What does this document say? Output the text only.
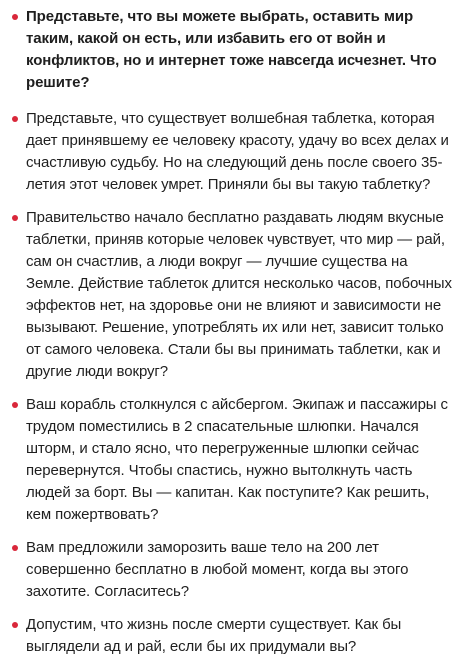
Представьте, что вы можете выбрать, оставить мир таким, какой он есть, или избавить его от войн и конфликтов, но и интернет тоже навсегда исчезнет. Что решите?
Представьте, что существует волшебная таблетка, которая дает принявшему ее человеку красоту, удачу во всех делах и счастливую судьбу. Но на следующий день после своего 35-летия этот человек умрет. Приняли бы вы такую таблетку?
Правительство начало бесплатно раздавать людям вкусные таблетки, приняв которые человек чувствует, что мир — рай, сам он счастлив, а люди вокруг — лучшие существа на Земле. Действие таблеток длится несколько часов, побочных эффектов нет, на здоровье они не влияют и зависимости не вызывают. Решение, употреблять их или нет, зависит только от самого человека. Стали бы вы принимать таблетки, как и другие люди вокруг?
Ваш корабль столкнулся с айсбергом. Экипаж и пассажиры с трудом поместились в 2 спасательные шлюпки. Начался шторм, и стало ясно, что перегруженные шлюпки сейчас перевернутся. Чтобы спастись, нужно вытолкнуть часть людей за борт. Вы — капитан. Как поступите? Как решить, кем пожертвовать?
Вам предложили заморозить ваше тело на 200 лет совершенно бесплатно в любой момент, когда вы этого захотите. Согласитесь?
Допустим, что жизнь после смерти существует. Как бы выглядели ад и рай, если бы их придумали вы?
